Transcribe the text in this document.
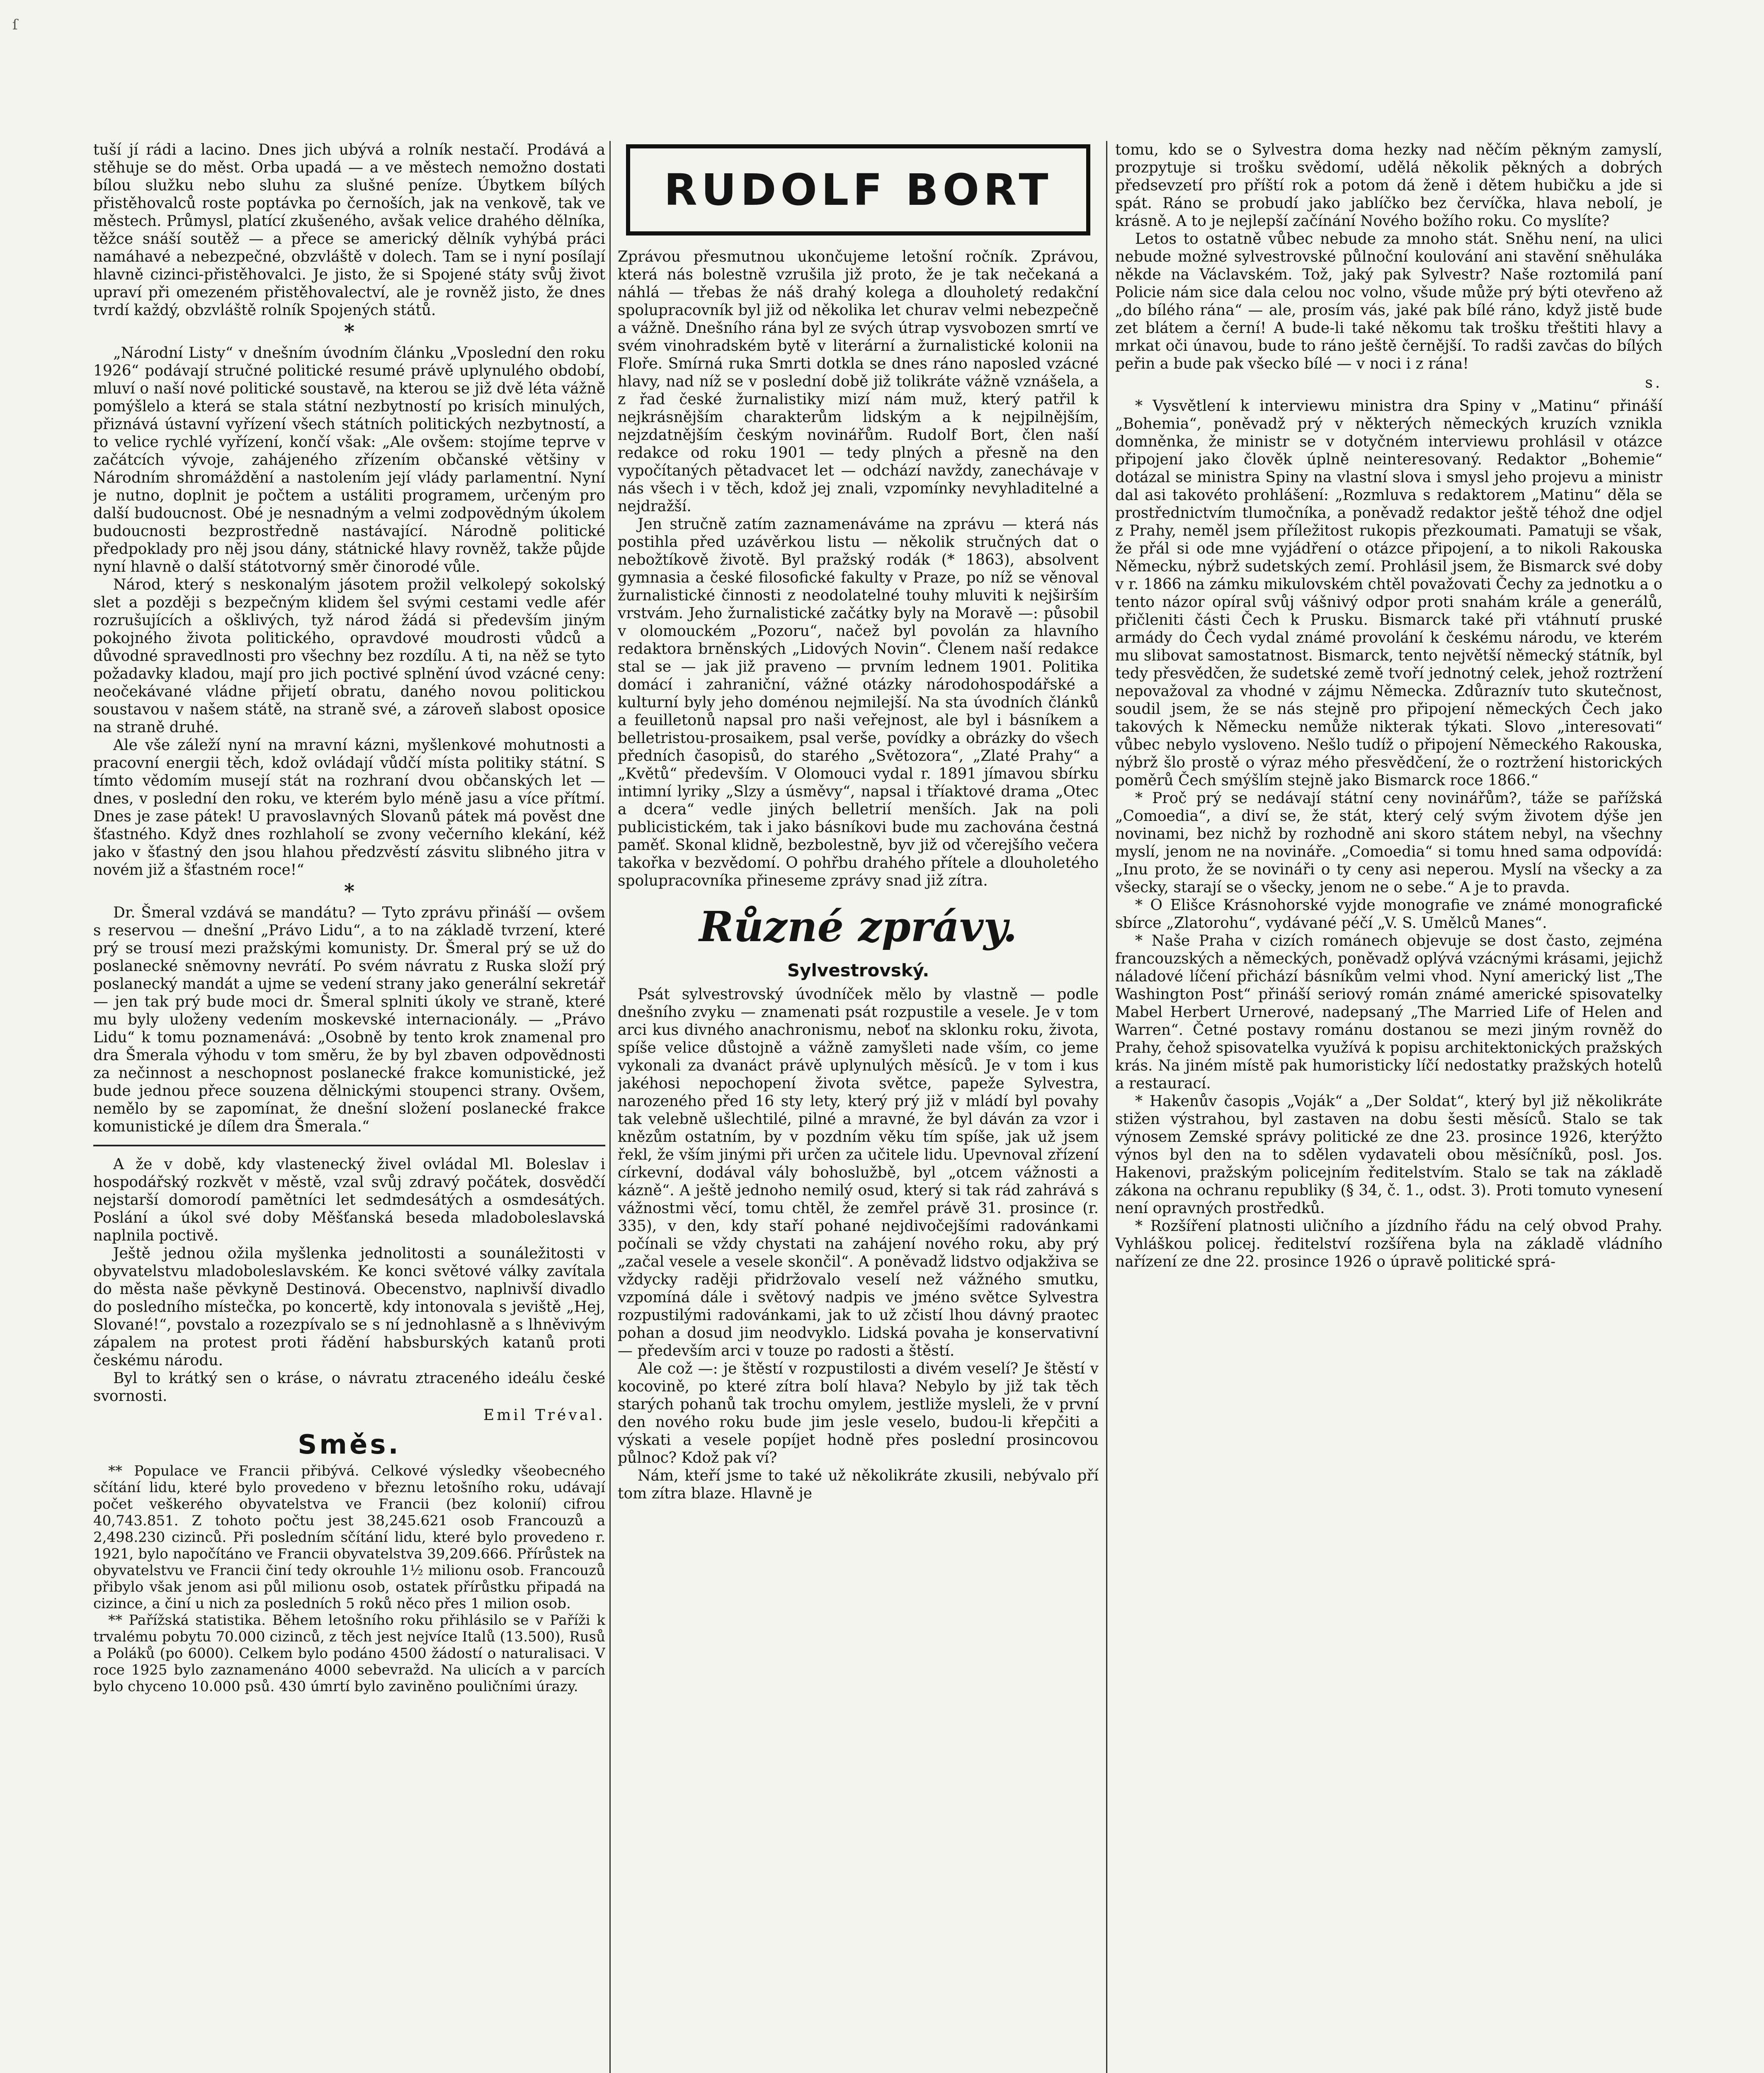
ſ

tuší jí rádi a lacino. Dnes jich ubývá a rolník nestačí. Prodává a stěhuje se do měst. Orba upadá — a ve městech nemožno dostati bílou služku nebo sluhu za slušné peníze. Úbytkem bílých přistěhovalců roste poptávka po černoších, jak na venkově, tak ve městech. Průmysl, platící zkušeného, avšak velice drahého dělníka, těžce snáší soutěž — a přece se americký dělník vyhýbá práci namáhavé a nebezpečné, obzvláště v dolech. Tam se i nyní posílají hlavně cizinci-přistěhovalci. Je jisto, že si Spojené státy svůj život upraví při omezeném přistěhovalectví, ale je rovněž jisto, že dnes tvrdí každý, obzvláště rolník Spojených států.

*

„Národní Listy“ v dnešním úvodním článku „Vposlední den roku 1926“ podávají stručné politické resumé právě uplynulého období, mluví o naší nové politické soustavě, na kterou se již dvě léta vážně pomýšlelo a která se stala státní nezbytností po krisích minulých, přiznává ústavní vyřízení všech státních politických nezbytností, a to velice rychlé vyřízení, končí však: „Ale ovšem: stojíme teprve v začátcích vývoje, zahájeného zřízením občanské většiny v Národním shromáždění a nastolením její vlády parlamentní. Nyní je nutno, doplnit je počtem a ustáliti programem, určeným pro další budoucnost. Obé je nesnadným a velmi zodpovědným úkolem budoucnosti bezprostředně nastávající. Národně politické předpoklady pro něj jsou dány, státnické hlavy rovněž, takže půjde nyní hlavně o další státotvorný směr činorodé vůle.

Národ, který s neskonalým jásotem prožil velkolepý sokolský slet a později s bezpečným klidem šel svými cestami vedle afér rozrušujících a ošklivých, tyž národ žádá si především jiným pokojného života politického, opravdové moudrosti vůdců a důvodné spravedlnosti pro všechny bez rozdílu. A ti, na něž se tyto požadavky kladou, mají pro jich poctivé splnění úvod vzácné ceny: neočekávané vládne přijetí obratu, daného novou politickou soustavou v našem státě, na straně své, a zároveň slabost oposice na straně druhé.

Ale vše záleží nyní na mravní kázni, myšlenkové mohutnosti a pracovní energii těch, kdož ovládají vůdčí místa politiky státní. S tímto vědomím musejí stát na rozhraní dvou občanských let — dnes, v poslední den roku, ve kterém bylo méně jasu a více přítmí. Dnes je zase pátek! U pravoslavných Slovanů pátek má pověst dne šťastného. Když dnes rozhlaholí se zvony večerního klekání, kéž jako v šťastný den jsou hlahou předzvěstí zásvitu slibného jitra v novém již a šťastném roce!“

*

Dr. Šmeral vzdává se mandátu? — Tyto zprávu přináší — ovšem s reservou — dnešní „Právo Lidu“, a to na základě tvrzení, které prý se trousí mezi pražskými komunisty. Dr. Šmeral prý se už do poslanecké sněmovny nevrátí. Po svém návratu z Ruska složí prý poslanecký mandát a ujme se vedení strany jako generální sekretář — jen tak prý bude moci dr. Šmeral splniti úkoly ve straně, které mu byly uloženy vedením moskevské internacionály. — „Právo Lidu“ k tomu poznamenává: „Osobně by tento krok znamenal pro dra Šmerala výhodu v tom směru, že by byl zbaven odpovědnosti za nečinnost a neschopnost poslanecké frakce komunistické, jež bude jednou přece souzena dělnickými stoupenci strany. Ovšem, nemělo by se zapomínat, že dnešní složení poslanecké frakce komunistické je dílem dra Šmerala.“

A že v době, kdy vlastenecký živel ovládal Ml. Boleslav i hospodářský rozkvět v městě, vzal svůj zdravý počátek, dosvědčí nejstarší domorodí pamětníci let sedmdesátých a osmdesátých. Poslání a úkol své doby Měšťanská beseda mladoboleslavská naplnila poctivě.

Ještě jednou ožila myšlenka jednolitosti a sounáležitosti v obyvatelstvu mladoboleslavském. Ke konci světové války zavítala do města naše pěvkyně Destinová. Obecenstvo, naplnivší divadlo do posledního místečka, po koncertě, kdy intonovala s jeviště „Hej, Slované!“, povstalo a rozezpívalo se s ní jednohlasně a s lhněvivým zápalem na protest proti řádění habsburských katanů proti českému národu.

Byl to krátký sen o kráse, o návratu ztraceného ideálu české svornosti.

Emil Tréval.
Směs.

** Populace ve Francii přibývá. Celkové výsledky všeobecného sčítání lidu, které bylo provedeno v březnu letošního roku, udávají počet veškerého obyvatelstva ve Francii (bez kolonií) cifrou 40,743.851. Z tohoto počtu jest 38,245.621 osob Francouzů a 2,498.230 cizinců. Při posledním sčítání lidu, které bylo provedeno r. 1921, bylo napočítáno ve Francii obyvatelstva 39,209.666. Přírůstek na obyvatelstvu ve Francii činí tedy okrouhle 1½ milionu osob. Francouzů přibylo však jenom asi půl milionu osob, ostatek přírůstku připadá na cizince, a činí u nich za posledních 5 roků něco přes 1 milion osob.

** Pařížská statistika. Během letošního roku přihlásilo se v Paříži k trvalému pobytu 70.000 cizinců, z těch jest nejvíce Italů (13.500), Rusů a Poláků (po 6000). Celkem bylo podáno 4500 žádostí o naturalisaci. V roce 1925 bylo zaznamenáno 4000 sebevražd. Na ulicích a v parcích bylo chyceno 10.000 psů. 430 úmrtí bylo zaviněno pouličními úrazy.

RUDOLF BORT

Zprávou přesmutnou ukončujeme letošní ročník. Zprávou, která nás bolestně vzrušila již proto, že je tak nečekaná a náhlá — třebas že náš drahý kolega a dlouholetý redakční spolupracovník byl již od několika let churav velmi nebezpečně a vážně. Dnešního rána byl ze svých útrap vysvobozen smrtí ve svém vinohradském bytě v literární a žurnalistické kolonii na Floře. Smírná ruka Smrti dotkla se dnes ráno naposled vzácné hlavy, nad níž se v poslední době již tolikráte vážně vznášela, a z řad české žurnalistiky mizí nám muž, který patřil k nejkrásnějším charakterům lidským a k nejpilnějším, nejzdatnějším českým novinářům. Rudolf Bort, člen naší redakce od roku 1901 — tedy plných a přesně na den vypočítaných pětadvacet let — odchází navždy, zanechávaje v nás všech i v těch, kdož jej znali, vzpomínky nevyhladitelné a nejdražší.

Jen stručně zatím zaznamenáváme na zprávu — která nás postihla před uzávěrkou listu — několik stručných dat o nebožtíkově životě. Byl pražský rodák (* 1863), absolvent gymnasia a české filosofické fakulty v Praze, po níž se věnoval žurnalistické činnosti z neodolatelné touhy mluviti k nejširším vrstvám. Jeho žurnalistické začátky byly na Moravě —: působil v olomouckém „Pozoru“, načež byl povolán za hlavního redaktora brněnských „Lidových Novin“. Členem naší redakce stal se — jak již praveno — prvním lednem 1901. Politika domácí i zahraniční, vážné otázky národohospodářské a kulturní byly jeho doménou nejmilejší. Na sta úvodních článků a feuilletonů napsal pro naši veřejnost, ale byl i básníkem a belletristou-prosaikem, psal verše, povídky a obrázky do všech předních časopisů, do starého „Světozora“, „Zlaté Prahy“ a „Květů“ především. V Olomouci vydal r. 1891 jímavou sbírku intimní lyriky „Slzy a úsměvy“, napsal i tříaktové drama „Otec a dcera“ vedle jiných belletrií menších. Jak na poli publicistickém, tak i jako básníkovi bude mu zachována čestná paměť. Skonal klidně, bezbolestně, byv již od včerejšího večera takořka v bezvědomí. O pohřbu drahého přítele a dlouholetého spolupracovníka přineseme zprávy snad již zítra.

Různé zprávy.
Sylvestrovský.

Psát sylvestrovský úvodníček mělo by vlastně — podle dnešního zvyku — znamenati psát rozpustile a vesele. Je v tom arci kus divného anachronismu, neboť na sklonku roku, života, spíše velice důstojně a vážně zamyšleti nade vším, co jeme vykonali za dvanáct právě uplynulých měsíců. Je v tom i kus jakéhosi nepochopení života světce, papeže Sylvestra, narozeného před 16 sty lety, který prý již v mládí byl povahy tak velebně ušlechtilé, pilné a mravné, že byl dáván za vzor i knězům ostatním, by v pozdním věku tím spíše, jak už jsem řekl, že vším jinými při určen za učitele lidu. Upevnoval zřízení církevní, dodával vály bohoslužbě, byl „otcem vážnosti a kázně“. A ještě jednoho nemilý osud, který si tak rád zahrává s vážnostmi věcí, tomu chtěl, že zemřel právě 31. prosince (r. 335), v den, kdy staří pohané nejdivočejšími radovánkami počínali se vždy chystati na zahájení nového roku, aby prý „začal vesele a vesele skončil“. A poněvadž lidstvo odjakživa se vždycky raději přidržovalo veselí než vážného smutku, vzpomíná dále i světový nadpis ve jméno světce Sylvestra rozpustilými radovánkami, jak to už zčistí lhou dávný praotec pohan a dosud jim neodvyklo. Lidská povaha je konservativní — především arci v touze po radosti a štěstí.

Ale což —: je štěstí v rozpustilosti a divém veselí? Je štěstí v kocovině, po které zítra bolí hlava? Nebylo by již tak těch starých pohanů tak trochu omylem, jestliže mysleli, že v první den nového roku bude jim jesle veselo, budou-li křepčiti a výskati a vesele popíjet hodně přes poslední prosincovou půlnoc? Kdož pak ví?

Nám, kteří jsme to také už několikráte zkusili, nebývalo pří tom zítra blaze. Hlavně je

tomu, kdo se o Sylvestra doma hezky nad něčím pěkným zamyslí, prozpytuje si trošku svědomí, udělá několik pěkných a dobrých předsevzetí pro příští rok a potom dá ženě i dětem hubičku a jde si spát. Ráno se probudí jako jablíčko bez červíčka, hlava nebolí, je krásně. A to je nejlepší začínání Nového božího roku. Co myslíte?

Letos to ostatně vůbec nebude za mnoho stát. Sněhu není, na ulici nebude možné sylvestrovské půlnoční koulování ani stavění sněhuláka někde na Václavském. Tož, jaký pak Sylvestr? Naše roztomilá paní Policie nám sice dala celou noc volno, všude může prý býti otevřeno až „do bílého rána“ — ale, prosím vás, jaké pak bílé ráno, když jistě bude zet blátem a černí! A bude-li také někomu tak trošku třeštiti hlavy a mrkat oči únavou, bude to ráno ještě černější. To radši zavčas do bílých peřin a bude pak všecko bílé — v noci i z rána!

s.

* Vysvětlení k interviewu ministra dra Spiny v „Matinu“ přináší „Bohemia“, poněvadž prý v některých německých kruzích vznikla domněnka, že ministr se v dotyčném interviewu prohlásil v otázce připojení jako člověk úplně neinteresovaný. Redaktor „Bohemie“ dotázal se ministra Spiny na vlastní slova i smysl jeho projevu a ministr dal asi takovéto prohlášení: „Rozmluva s redaktorem „Matinu“ děla se prostřednictvím tlumočníka, a poněvadž redaktor ještě téhož dne odjel z Prahy, neměl jsem příležitost rukopis přezkoumati. Pamatuji se však, že přál si ode mne vyjádření o otázce připojení, a to nikoli Rakouska Německu, nýbrž sudetských zemí. Prohlásil jsem, že Bismarck své doby v r. 1866 na zámku mikulovském chtěl považovati Čechy za jednotku a o tento názor opíral svůj vášnivý odpor proti snahám krále a generálů, přičleniti části Čech k Prusku. Bismarck také při vtáhnutí pruské armády do Čech vydal známé provolání k českému národu, ve kterém mu slibovat samostatnost. Bismarck, tento největší německý státník, byl tedy přesvědčen, že sudetské země tvoří jednotný celek, jehož roztržení nepovažoval za vhodné v zájmu Německa. Zdůraznív tuto skutečnost, soudil jsem, že se nás stejně pro připojení německých Čech jako takových k Německu nemůže nikterak týkati. Slovo „interesovati“ vůbec nebylo vysloveno. Nešlo tudíž o připojení Německého Rakouska, nýbrž šlo prostě o výraz mého přesvědčení, že o roztržení historických poměrů Čech smýšlím stejně jako Bismarck roce 1866.“

* Proč prý se nedávají státní ceny novinářům?, táže se pařížská „Comoedia“, a diví se, že stát, který celý svým životem dýše jen novinami, bez nichž by rozhodně ani skoro státem nebyl, na všechny myslí, jenom ne na novináře. „Comoedia“ si tomu hned sama odpovídá: „Inu proto, že se novináři o ty ceny asi neperou. Myslí na všecky a za všecky, starají se o všecky, jenom ne o sebe.“ A je to pravda.

* O Elišce Krásnohorské vyjde monografie ve známé monografické sbírce „Zlatorohu“, vydávané péčí „V. S. Umělců Manes“.

* Naše Praha v cizích románech objevuje se dost často, zejména francouzských a německých, poněvadž oplývá vzácnými krásami, jejichž náladové líčení přichází básníkům velmi vhod. Nyní americký list „The Washington Post“ přináší seriový román známé americké spisovatelky Mabel Herbert Urnerové, nadepsaný „The Married Life of Helen and Warren“. Četné postavy románu dostanou se mezi jiným rovněž do Prahy, čehož spisovatelka využívá k popisu architektonických pražských krás. Na jiném místě pak humoristicky líčí nedostatky pražských hotelů a restaurací.

* Hakenův časopis „Voják“ a „Der Soldat“, který byl již několikráte stižen výstrahou, byl zastaven na dobu šesti měsíců. Stalo se tak výnosem Zemské správy politické ze dne 23. prosince 1926, kterýžto výnos byl den na to sdělen vydavateli obou měsíčníků, posl. Jos. Hakenovi, pražským policejním ředitelstvím. Stalo se tak na základě zákona na ochranu republiky (§ 34, č. 1., odst. 3). Proti tomuto vynesení není opravných prostředků.

* Rozšíření platnosti uličního a jízdního řádu na celý obvod Prahy. Vyhláškou policej. ředitelství rozšířena byla na základě vládního nařízení ze dne 22. prosince 1926 o úpravě politické sprá-
